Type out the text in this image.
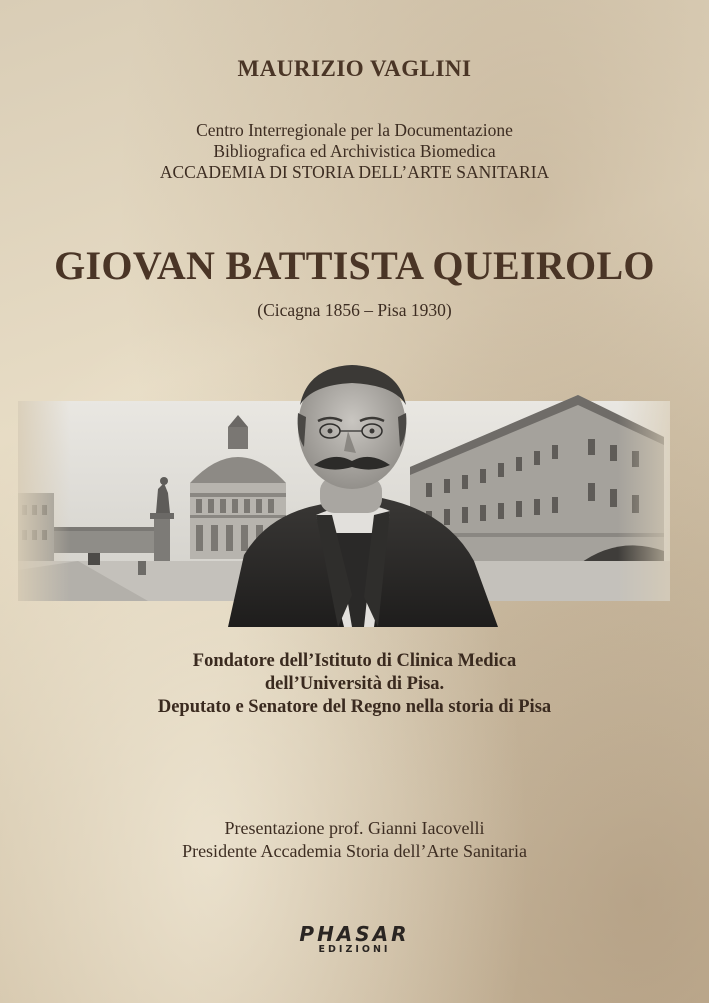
MAURIZIO VAGLINI
Centro Interregionale per la Documentazione
Bibliografica ed Archivistica Biomedica
ACCADEMIA DI STORIA DELL’ARTE SANITARIA
GIOVAN BATTISTA QUEIROLO
(Cicagna 1856 – Pisa 1930)
Fondatore dell’Istituto di Clinica Medica
dell’Università di Pisa.
Deputato e Senatore del Regno nella storia di Pisa
Presentazione prof. Gianni Iacovelli
Presidente Accademia Storia dell’Arte Sanitaria
PHASAR
EDIZIONI
